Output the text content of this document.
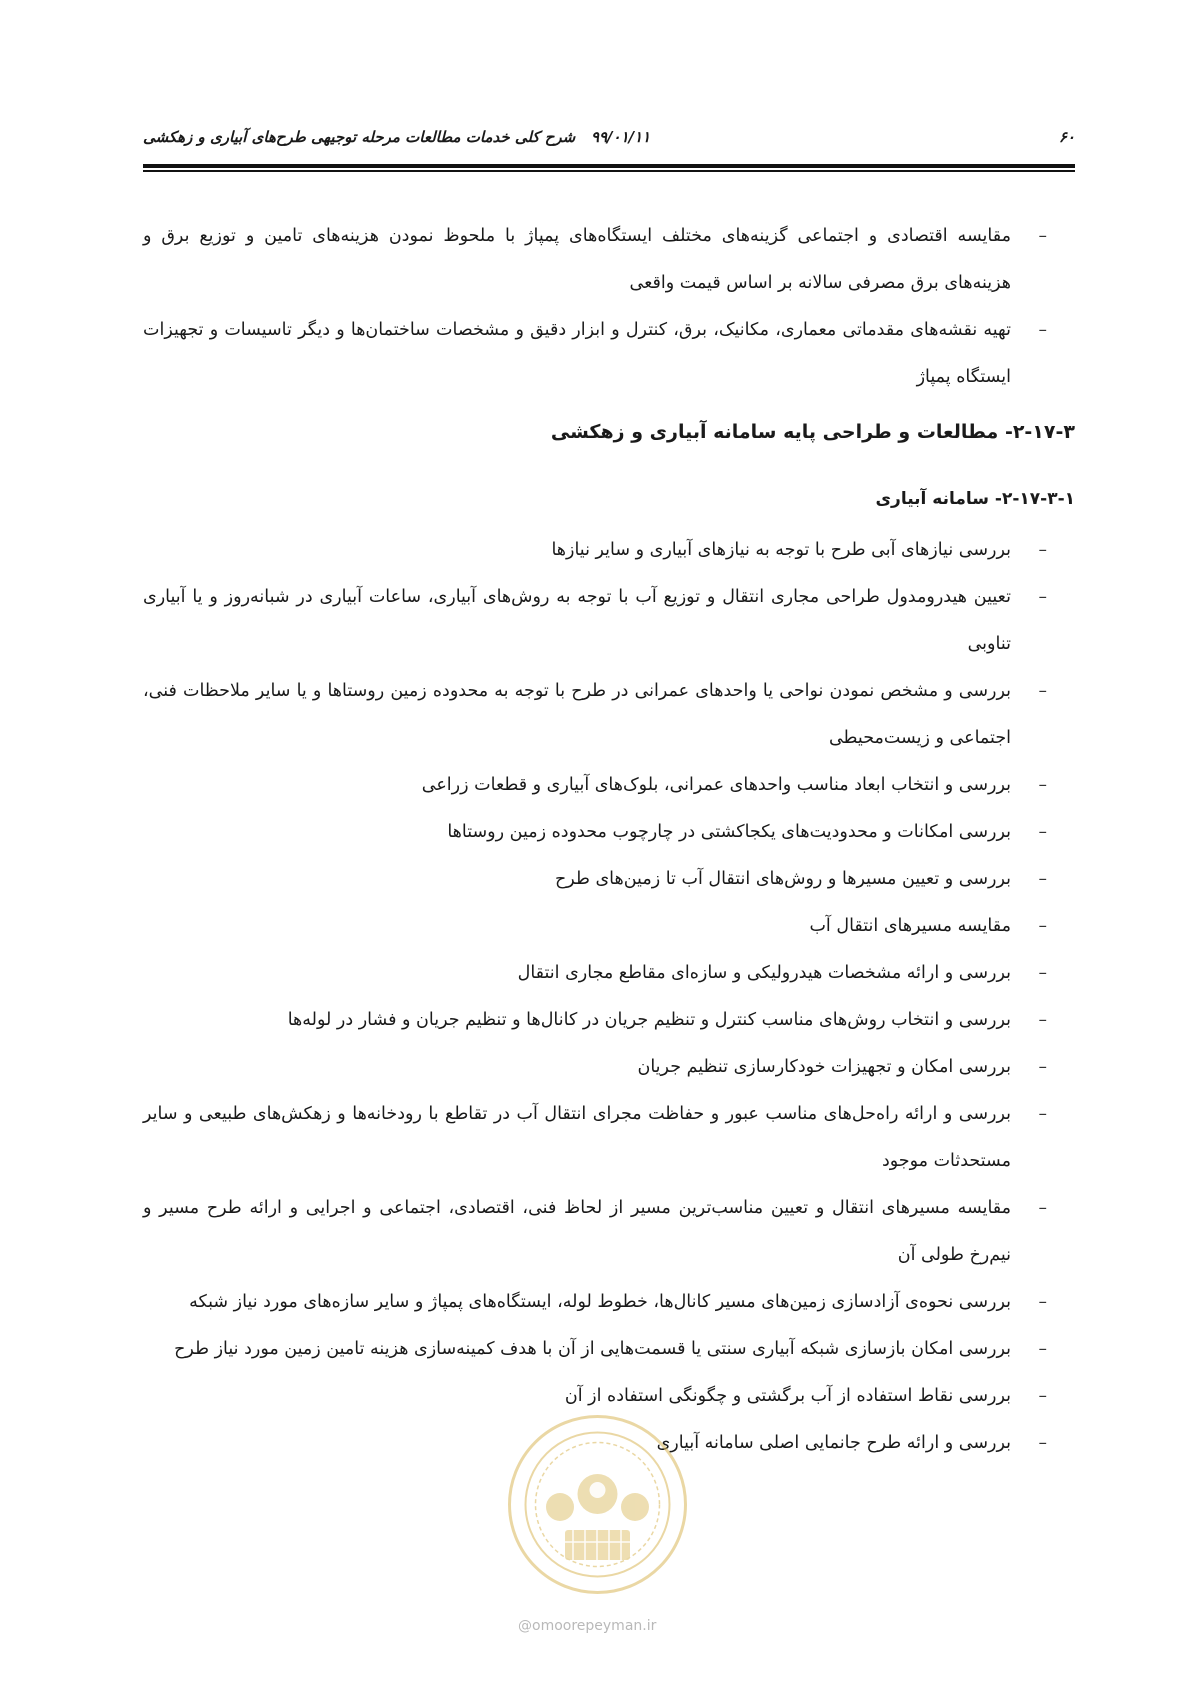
۶۰
۹۹/۰۱/۱۱   شرح کلی خدمات مطالعات مرحله توجیهی طرح‌های آبیاری و زهکشی
–
مقایسه اقتصادی و اجتماعی گزینه‌های مختلف ایستگاه‌های پمپاژ با ملحوظ نمودن هزینه‌های تامین و توزیع برق و هزینه‌های برق مصرفی سالانه بر اساس قیمت واقعی
–
تهیه نقشه‌های مقدماتی معماری، مکانیک، برق، کنترل و ابزار دقیق و مشخصات ساختمان‌ها و دیگر تاسیسات و تجهیزات ایستگاه پمپاژ
۲-۱۷-۳- مطالعات و طراحی پایه سامانه آبیاری و زهکشی
۲-۱۷-۳-۱- سامانه آبیاری
–
بررسی نیازهای آبی طرح با توجه به نیازهای آبیاری و سایر نیازها
–
تعیین هیدرومدول طراحی مجاری انتقال و توزیع آب با توجه به روش‌های آبیاری، ساعات آبیاری در شبانه‌روز و یا آبیاری تناوبی
–
بررسی و مشخص نمودن نواحی یا واحدهای عمرانی در طرح با توجه به محدوده زمین روستاها و یا سایر ملاحظات فنی، اجتماعی و زیست‌محیطی
–
بررسی و انتخاب ابعاد مناسب واحدهای عمرانی، بلوک‌های آبیاری و قطعات زراعی
–
بررسی امکانات و محدودیت‌های یکجاکشتی در چارچوب محدوده زمین روستاها
–
بررسی و تعیین مسیرها و روش‌های انتقال آب تا زمین‌های طرح
–
مقایسه مسیرهای انتقال آب
–
بررسی و ارائه مشخصات هیدرولیکی و سازه‌ای مقاطع مجاری انتقال
–
بررسی و انتخاب روش‌های مناسب کنترل و تنظیم جریان در کانال‌ها و تنظیم جریان و فشار در لوله‌ها
–
بررسی امکان و تجهیزات خودکارسازی تنظیم جریان
–
بررسی و ارائه راه‌حل‌های مناسب عبور و حفاظت مجرای انتقال آب در تقاطع با رودخانه‌ها و زهکش‌های طبیعی و سایر مستحدثات موجود
–
مقایسه مسیرهای انتقال و تعیین مناسب‌ترین مسیر از لحاظ فنی، اقتصادی، اجتماعی و اجرایی و ارائه طرح مسیر و نیم‌رخ طولی آن
–
بررسی نحوه‌ی آزادسازی زمین‌های مسیر کانال‌ها، خطوط لوله، ایستگاه‌های پمپاژ و سایر سازه‌های مورد نیاز شبکه
–
بررسی امکان بازسازی شبکه آبیاری سنتی یا قسمت‌هایی از آن با هدف کمینه‌سازی هزینه تامین زمین مورد نیاز طرح
–
بررسی نقاط استفاده از آب برگشتی و چگونگی استفاده از آن
–
بررسی و ارائه طرح جانمایی اصلی سامانه آبیاری
@omoorepeyman.ir
